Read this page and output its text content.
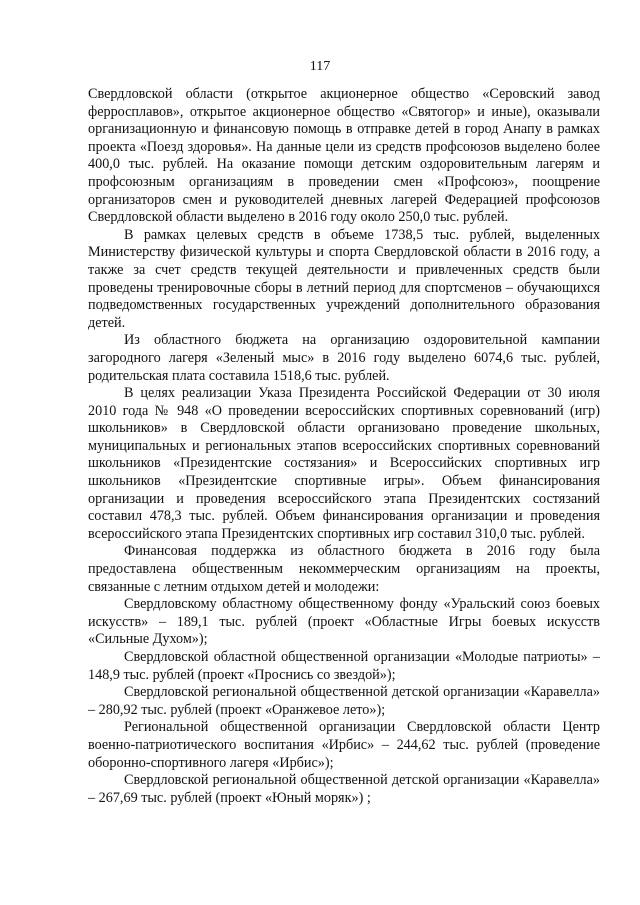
117

Свердловской области (открытое акционерное общество «Серовский завод ферросплавов», открытое акционерное общество «Святогор» и иные), оказывали организационную и финансовую помощь в отправке детей в город Анапу в рамках проекта «Поезд здоровья». На данные цели из средств профсоюзов выделено более 400,0 тыс. рублей. На оказание помощи детским оздоровительным лагерям и профсоюзным организациям в проведении смен «Профсоюз», поощрение организаторов смен и руководителей дневных лагерей Федерацией профсоюзов Свердловской области выделено в 2016 году около 250,0 тыс. рублей.

В рамках целевых средств в объеме 1738,5 тыс. рублей, выделенных Министерству физической культуры и спорта Свердловской области в 2016 году, а также за счет средств текущей деятельности и привлеченных средств были проведены тренировочные сборы в летний период для спортсменов – обучающихся подведомственных государственных учреждений дополнительного образования детей.

Из областного бюджета на организацию оздоровительной кампании загородного лагеря «Зеленый мыс» в 2016 году выделено 6074,6 тыс. рублей, родительская плата составила 1518,6 тыс. рублей.

В целях реализации Указа Президента Российской Федерации от 30 июля 2010 года № 948 «О проведении всероссийских спортивных соревнований (игр) школьников» в Свердловской области организовано проведение школьных, муниципальных и региональных этапов всероссийских спортивных соревнований школьников «Президентские состязания» и Всероссийских спортивных игр школьников «Президентские спортивные игры». Объем финансирования организации и проведения всероссийского этапа Президентских состязаний составил 478,3 тыс. рублей. Объем финансирования организации и проведения всероссийского этапа Президентских спортивных игр составил 310,0 тыс. рублей.

Финансовая поддержка из областного бюджета в 2016 году была предоставлена общественным некоммерческим организациям на проекты, связанные с летним отдыхом детей и молодежи:

Свердловскому областному общественному фонду «Уральский союз боевых искусств» – 189,1 тыс. рублей (проект «Областные Игры боевых искусств «Сильные Духом»);

Свердловской областной общественной организации «Молодые патриоты» – 148,9 тыс. рублей (проект «Проснись со звездой»);

Свердловской региональной общественной детской организации «Каравелла» – 280,92 тыс. рублей (проект «Оранжевое лето»);

Региональной общественной организации Свердловской области Центр военно-патриотического воспитания «Ирбис» – 244,62 тыс. рублей (проведение оборонно-спортивного лагеря «Ирбис»);

Свердловской региональной общественной детской организации «Каравелла» – 267,69 тыс. рублей (проект «Юный моряк») ;
